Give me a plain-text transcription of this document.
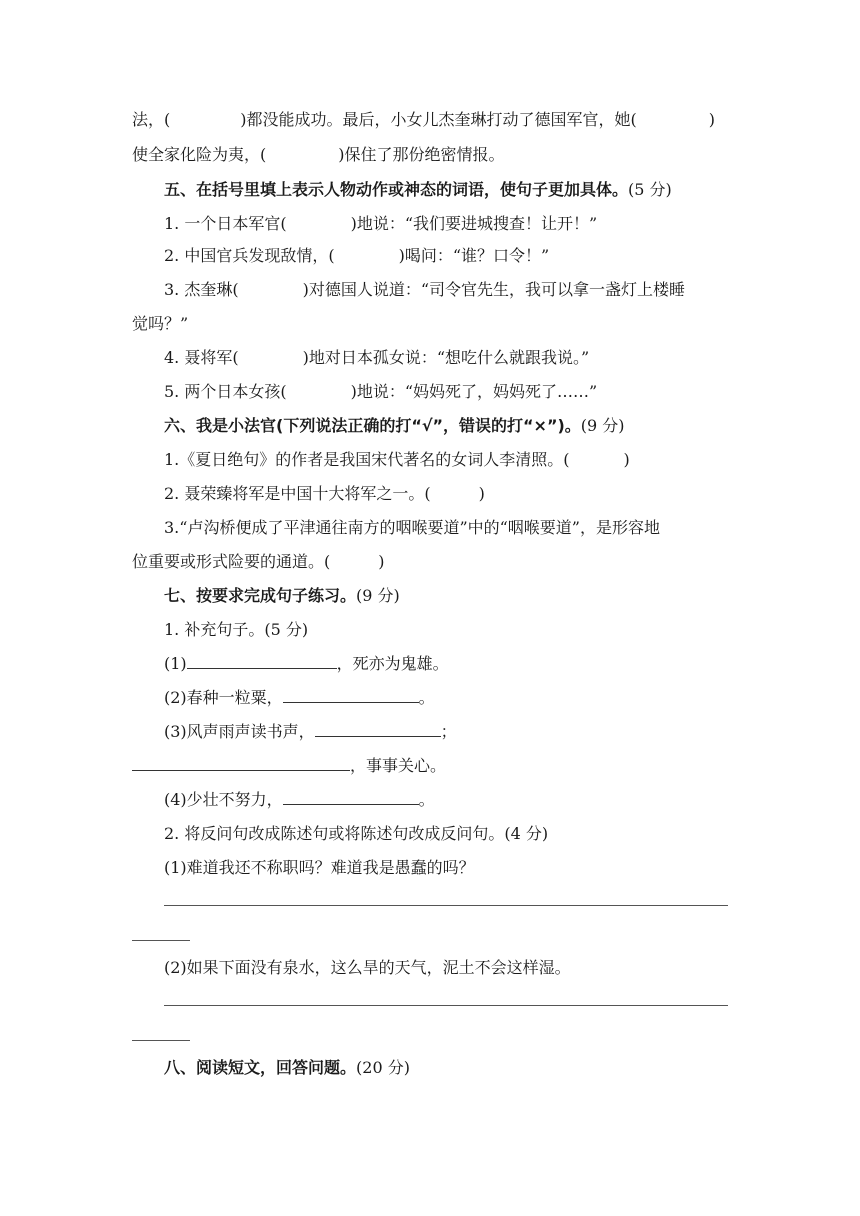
法，(	)都没能成功。最后，小女儿杰奎琳打动了德国军官，她(	)
使全家化险为夷，(	)保住了那份绝密情报。
五、在括号里填上表示人物动作或神态的词语，使句子更加具体。(5 分)
1. 一个日本军官(	)地说：“我们要进城搜查！让开！”
2. 中国官兵发现敌情，(	)喝问：“谁？口令！”
3. 杰奎琳(	)对德国人说道：“司令官先生，我可以拿一盏灯上楼睡
觉吗？”
4. 聂将军(	)地对日本孤女说：“想吃什么就跟我说。”
5. 两个日本女孩(	)地说：“妈妈死了，妈妈死了……”
六、我是小法官(下列说法正确的打“√”，错误的打“×”)。(9 分)
1.《夏日绝句》的作者是我国宋代著名的女词人李清照。(	)
2. 聂荣臻将军是中国十大将军之一。(	)
3.“卢沟桥便成了平津通往南方的咽喉要道”中的“咽喉要道”，是形容地
位重要或形式险要的通道。(	)
七、按要求完成句子练习。(9 分)
1. 补充句子。(5 分)
(1)	，死亦为鬼雄。
(2)春种一粒粟，	。
(3)风声雨声读书声，	；
，事事关心。
(4)少壮不努力，	。
2. 将反问句改成陈述句或将陈述句改成反问句。(4 分)
(1)难道我还不称职吗？难道我是愚蠢的吗？
(2)如果下面没有泉水，这么旱的天气，泥土不会这样湿。
八、阅读短文，回答问题。(20 分)
